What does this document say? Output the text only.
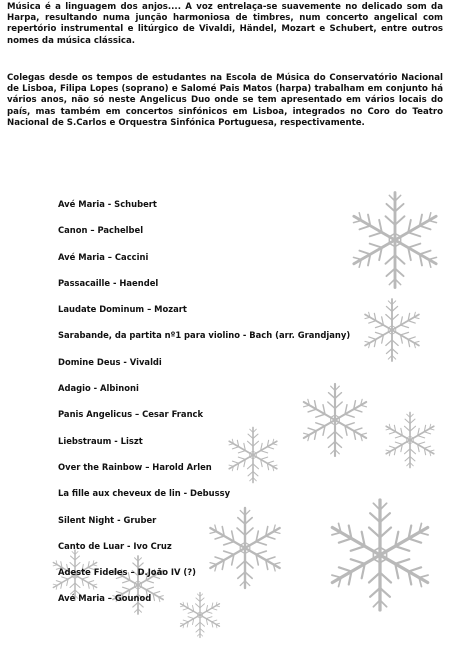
Música é a linguagem dos anjos.... A voz entrelaça-se suavemente no delicado som da Harpa, resultando numa junção harmoniosa de timbres, num concerto angelical com repertório instrumental e litúrgico de Vivaldi, Händel, Mozart e Schubert, entre outros nomes da música clássica.

Colegas desde os tempos de estudantes na Escola de Música do Conservatório Nacional de Lisboa, Filipa Lopes (soprano) e Salomé Pais Matos (harpa) trabalham em conjunto há vários anos, não só neste Angelicus Duo onde se tem apresentado em vários locais do país, mas também em concertos sinfónicos em Lisboa, integrados no Coro do Teatro Nacional de S.Carlos e Orquestra Sinfónica Portuguesa, respectivamente.

Avé Maria - Schubert
Canon – Pachelbel
Avé Maria – Caccini
Passacaille - Haendel
Laudate Dominum – Mozart
Sarabande, da partita nº1 para violino - Bach (arr. Grandjany)
Domine Deus - Vivaldi
Adagio - Albinoni
Panis Angelicus – Cesar Franck
Liebstraum - Liszt
Over the Rainbow – Harold Arlen
La fille aux cheveux de lin - Debussy
Silent Night - Gruber
Canto de Luar - Ivo Cruz
Adeste Fideles – D.João IV (?)
Avé Maria – Gounod
